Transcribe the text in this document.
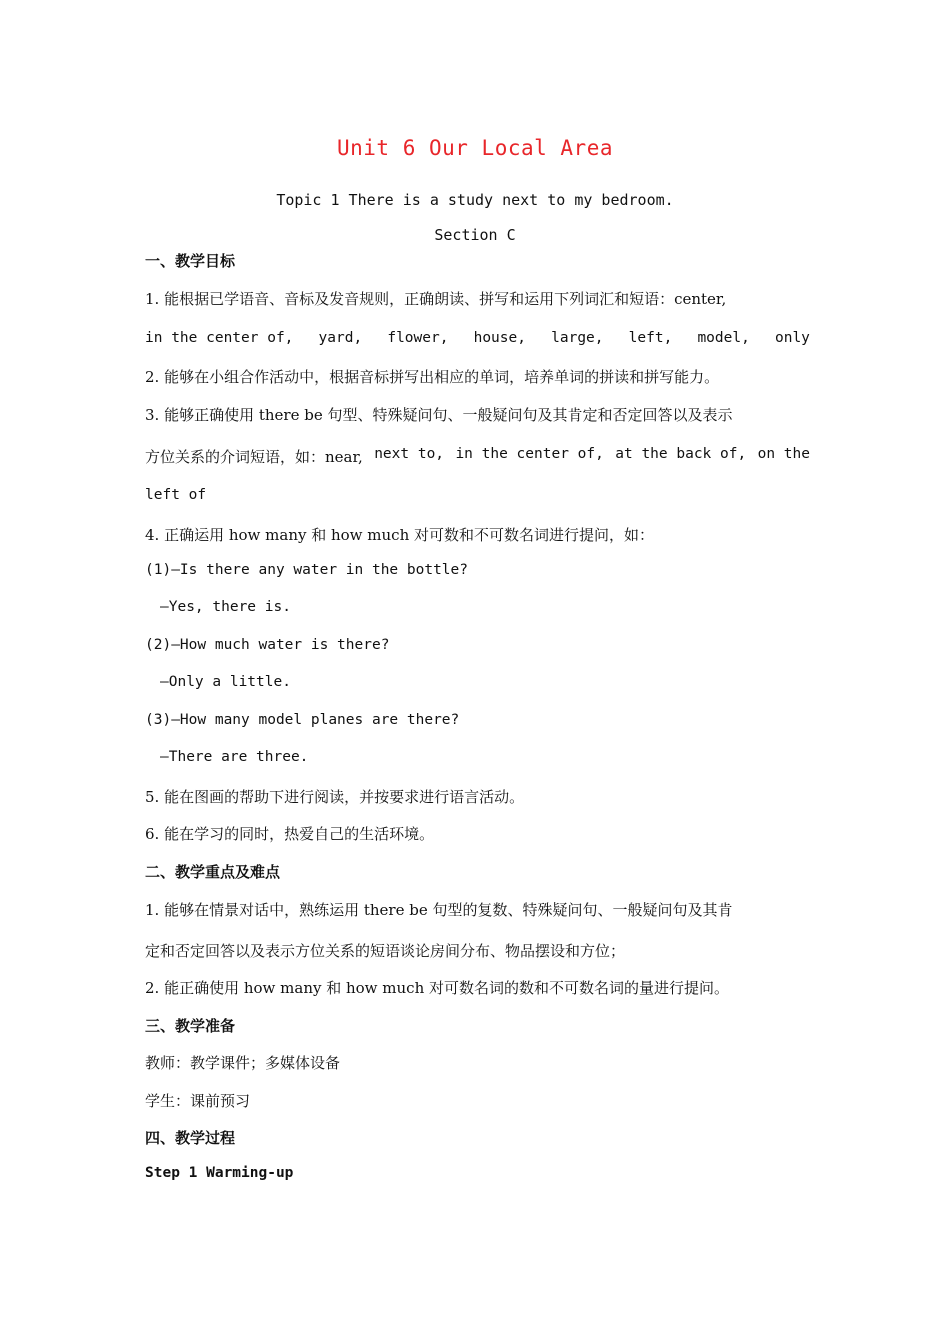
Unit 6 Our Local Area
Topic 1 There is a study next to my bedroom.
Section C
一、教学目标
1. 能根据已学语音、音标及发音规则，正确朗读、拼写和运用下列词汇和短语：center,
in the center of, yard, flower, house, large, left, model, only
2. 能够在小组合作活动中，根据音标拼写出相应的单词，培养单词的拼读和拼写能力。
3. 能够正确使用 there be 句型、特殊疑问句、一般疑问句及其肯定和否定回答以及表示
方位关系的介词短语，如：near, next to, in the center of, at the back of, on the
left of
4. 正确运用 how many 和 how much 对可数和不可数名词进行提问，如：
(1)—Is there any water in the bottle?
—Yes, there is.
(2)—How much water is there?
—Only a little.
(3)—How many model planes are there?
—There are three.
5. 能在图画的帮助下进行阅读，并按要求进行语言活动。
6. 能在学习的同时，热爱自己的生活环境。
二、教学重点及难点
1. 能够在情景对话中，熟练运用 there be 句型的复数、特殊疑问句、一般疑问句及其肯
定和否定回答以及表示方位关系的短语谈论房间分布、物品摆设和方位；
2. 能正确使用 how many 和 how much 对可数名词的数和不可数名词的量进行提问。
三、教学准备
教师：教学课件；多媒体设备
学生：课前预习
四、教学过程
Step 1 Warming-up
